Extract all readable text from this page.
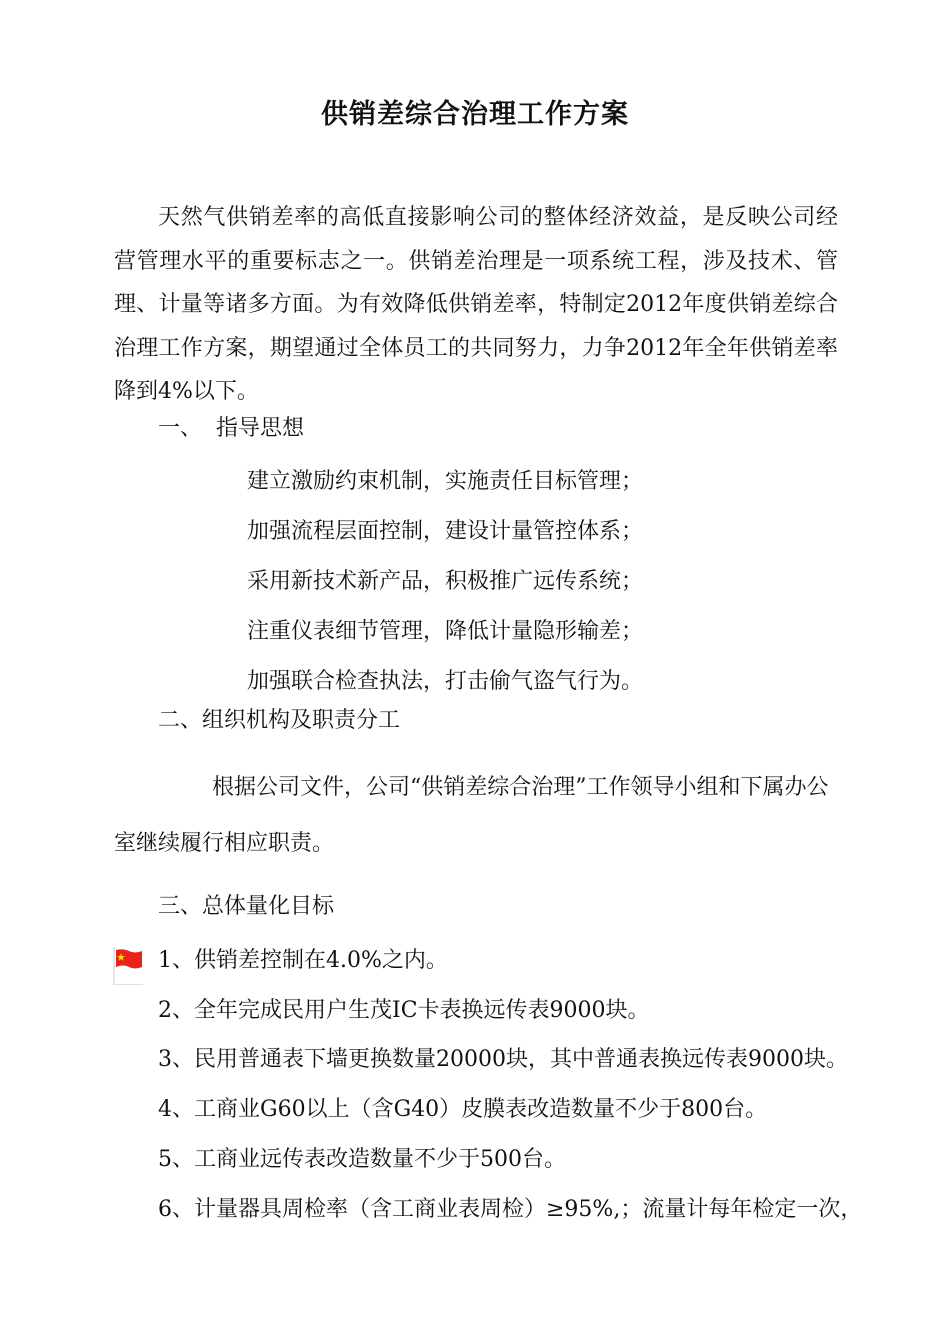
供销差综合治理工作方案

天然气供销差率的高低直接影响公司的整体经济效益，是反映公司经营管理水平的重要标志之一。供销差治理是一项系统工程，涉及技术、管理、计量等诸多方面。为有效降低供销差率，特制定2012年度供销差综合治理工作方案，期望通过全体员工的共同努力，力争2012年全年供销差率降到4%以下。

一、 指导思想
建立激励约束机制，实施责任目标管理；
加强流程层面控制，建设计量管控体系；
采用新技术新产品，积极推广远传系统；
注重仪表细节管理，降低计量隐形输差；
加强联合检查执法，打击偷气盗气行为。
二、组织机构及职责分工

根据公司文件，公司“供销差综合治理”工作领导小组和下属办公室继续履行相应职责。

三、总体量化目标
1、供销差控制在4.0%之内。
2、全年完成民用户生茂IC卡表换远传表9000块。
3、民用普通表下墙更换数量20000块，其中普通表换远传表9000块。
4、工商业G60以上（含G40）皮膜表改造数量不少于800台。
5、工商业远传表改造数量不少于500台。
6、计量器具周检率（含工商业表周检）≥95%,；流量计每年检定一次，
